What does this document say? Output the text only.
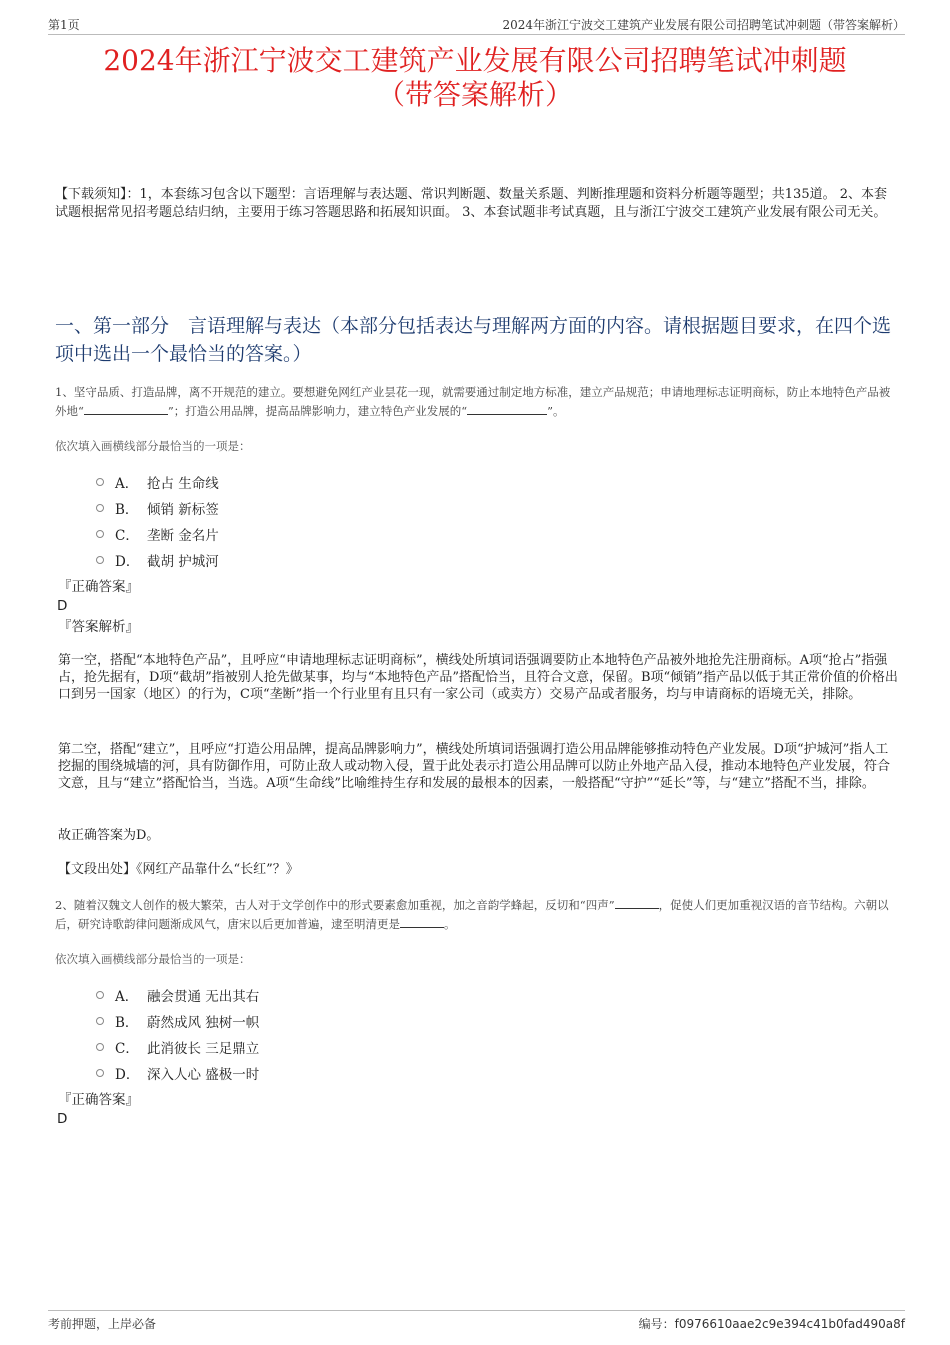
第1页	2024年浙江宁波交工建筑产业发展有限公司招聘笔试冲刺题（带答案解析）
2024年浙江宁波交工建筑产业发展有限公司招聘笔试冲刺题
（带答案解析）
【下载须知】：1，本套练习包含以下题型：言语理解与表达题、常识判断题、数量关系题、判断推理题和资料分析题等题型；共135道。 2、本套试题根据常见招考题总结归纳，主要用于练习答题思路和拓展知识面。 3、本套试题非考试真题，且与浙江宁波交工建筑产业发展有限公司无关。
一、第一部分　言语理解与表达（本部分包括表达与理解两方面的内容。请根据题目要求，在四个选项中选出一个最恰当的答案。）
1、坚守品质、打造品牌，离不开规范的建立。要想避免网红产业昙花一现，就需要通过制定地方标准，建立产品规范；申请地理标志证明商标，防止本地特色产品被外地“	”；打造公用品牌，提高品牌影响力，建立特色产业发展的“	”。
依次填入画横线部分最恰当的一项是：
A． 抢占 生命线
B． 倾销 新标签
C． 垄断 金名片
D． 截胡 护城河
『正确答案』
D
『答案解析』
第一空，搭配“本地特色产品”，且呼应“申请地理标志证明商标”，横线处所填词语强调要防止本地特色产品被外地抢先注册商标。A项“抢占”指强占，抢先据有，D项“截胡”指被别人抢先做某事，均与“本地特色产品”搭配恰当，且符合文意，保留。B项“倾销”指产品以低于其正常价值的价格出口到另一国家（地区）的行为，C项“垄断”指一个行业里有且只有一家公司（或卖方）交易产品或者服务，均与申请商标的语境无关，排除。
第二空，搭配“建立”，且呼应“打造公用品牌，提高品牌影响力”，横线处所填词语强调打造公用品牌能够推动特色产业发展。D项“护城河”指人工挖掘的围绕城墙的河，具有防御作用，可防止敌人或动物入侵，置于此处表示打造公用品牌可以防止外地产品入侵，推动本地特色产业发展，符合文意，且与“建立”搭配恰当，当选。A项“生命线”比喻维持生存和发展的最根本的因素，一般搭配“守护”“延长”等，与“建立”搭配不当，排除。
故正确答案为D。
【文段出处】《网红产品靠什么“长红”？》
2、随着汉魏文人创作的极大繁荣，古人对于文学创作中的形式要素愈加重视，加之音韵学蜂起，反切和“四声”	，促使人们更加重视汉语的音节结构。六朝以后，研究诗歌韵律问题渐成风气，唐宋以后更加普遍，逮至明清更是	。
依次填入画横线部分最恰当的一项是：
A． 融会贯通 无出其右
B． 蔚然成风 独树一帜
C． 此消彼长 三足鼎立
D． 深入人心 盛极一时
『正确答案』
D
考前押题，上岸必备	编号：f0976610aae2c9e394c41b0fad490a8f
